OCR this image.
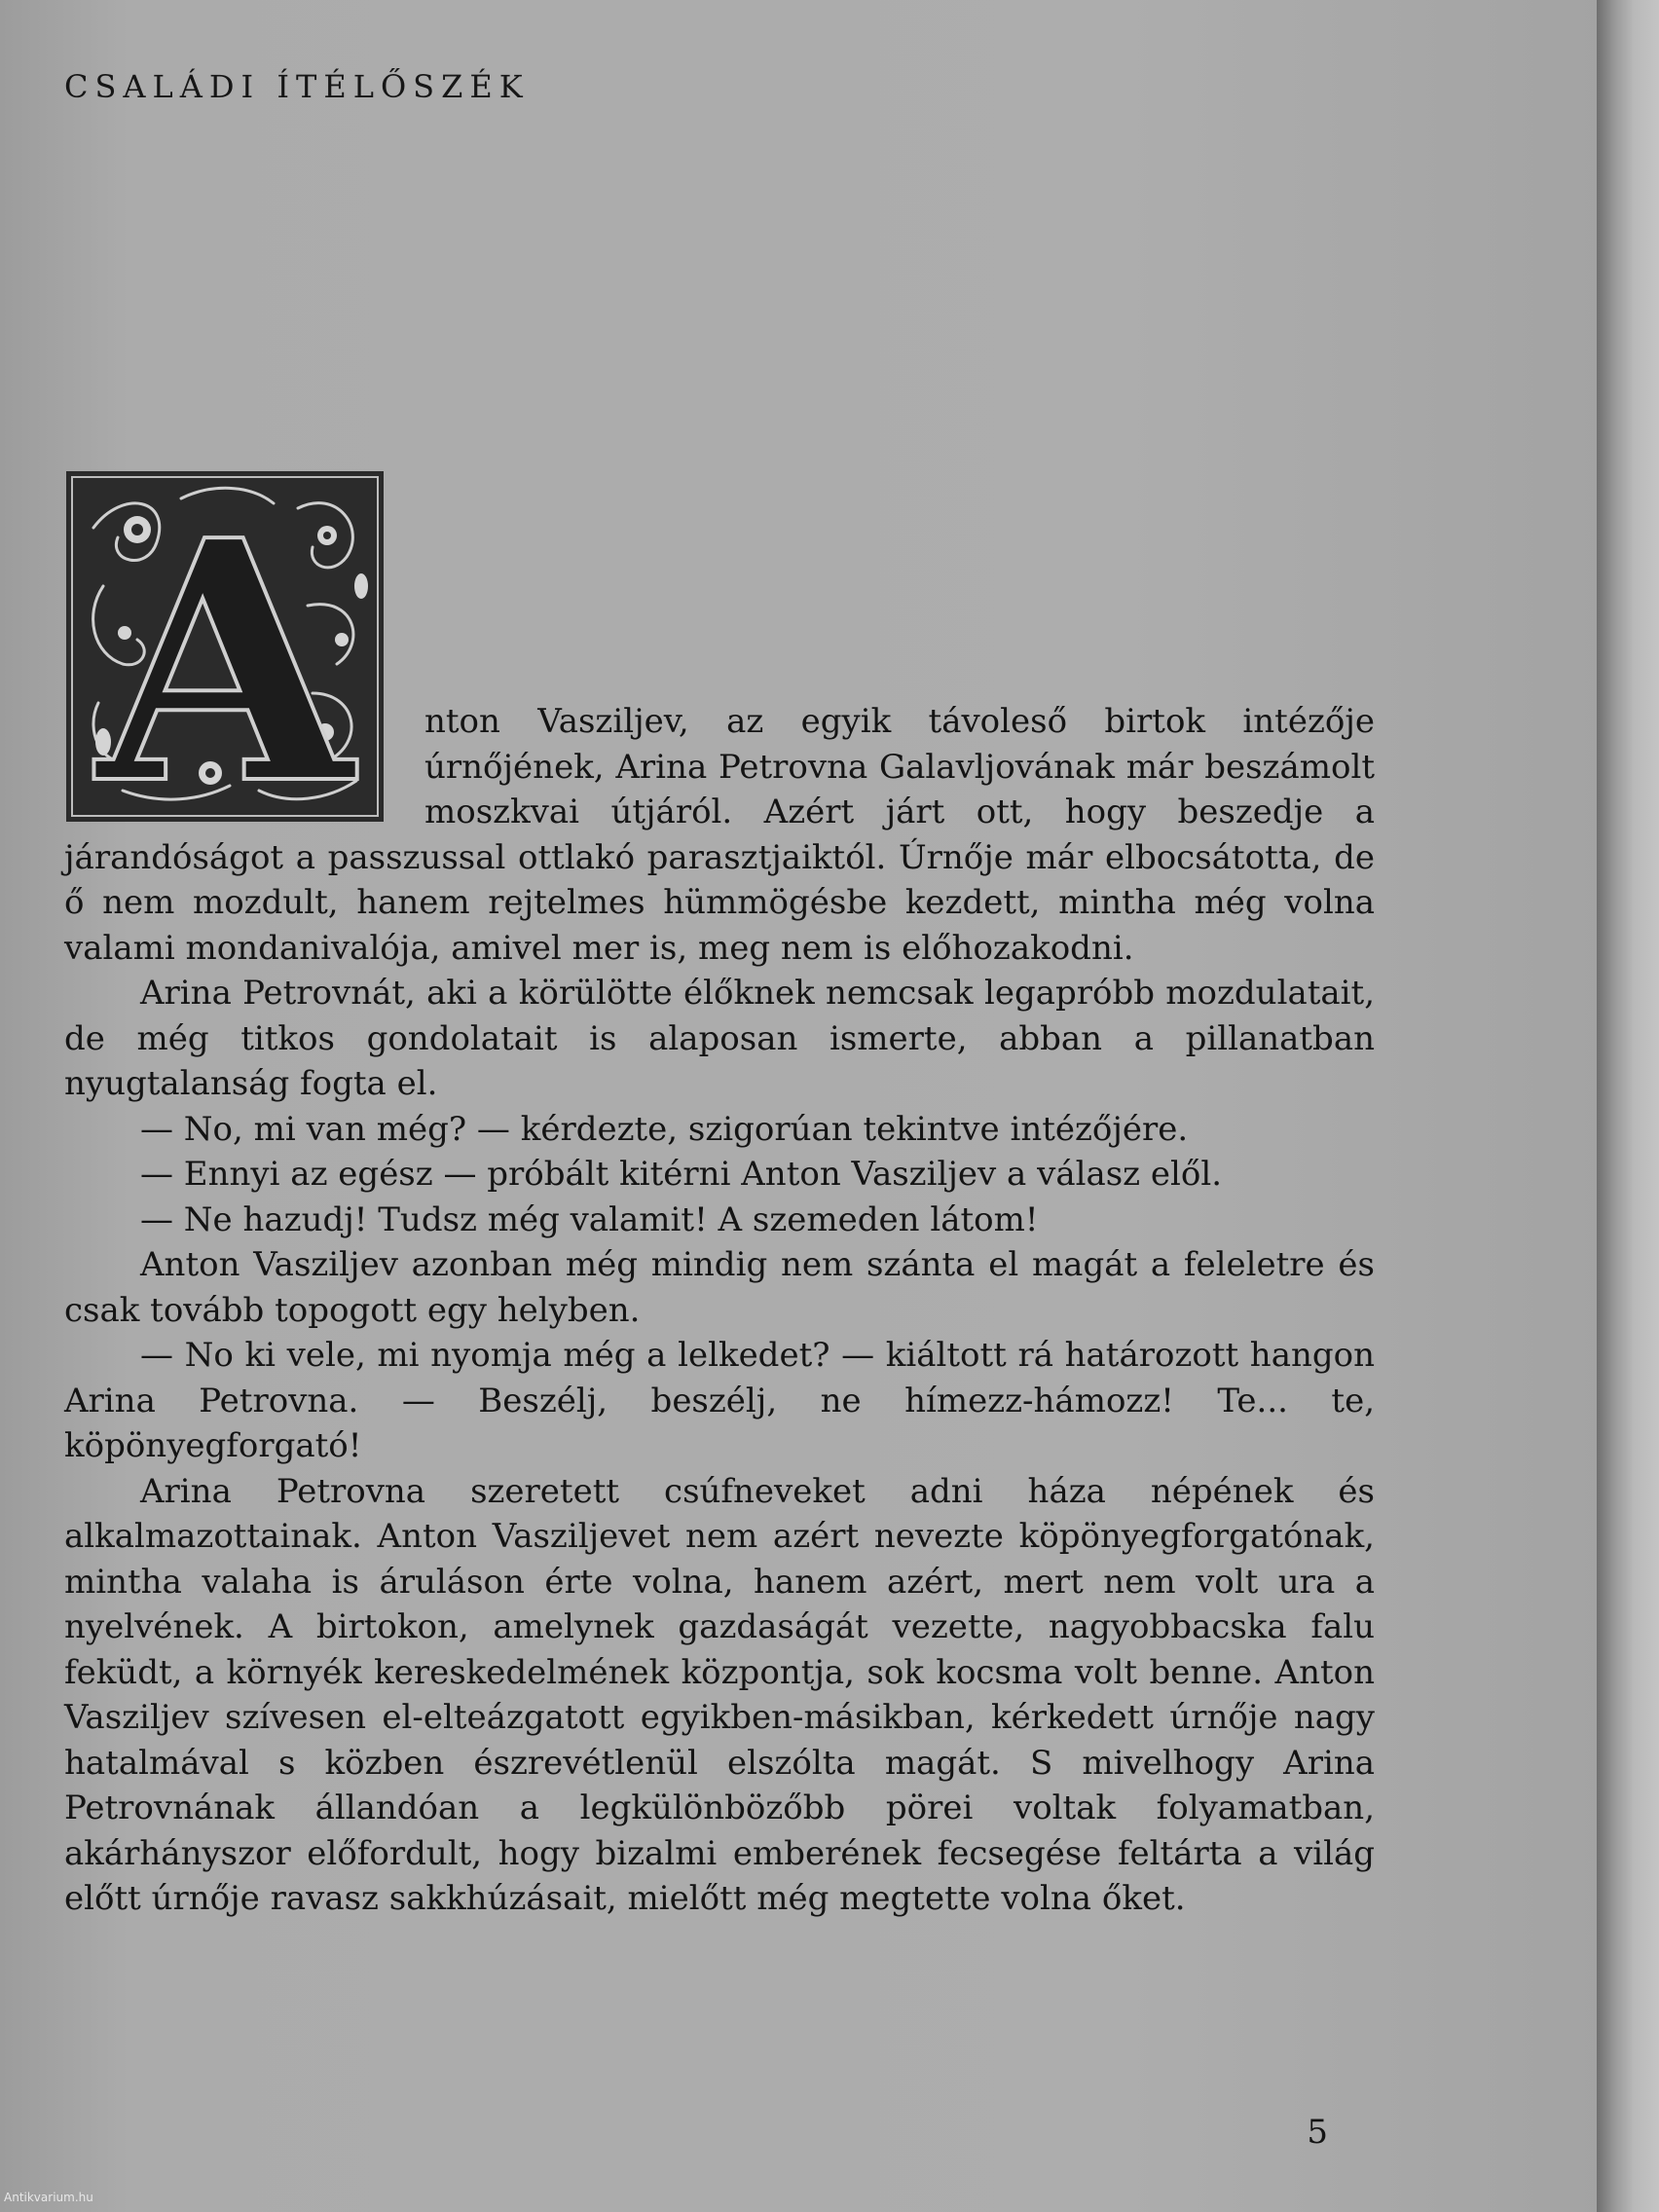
CSALÁDI ÍTÉLŐSZÉK
A	nton Vasziljev, az egyik távoleső birtok intézője úrnőjének, Arina Petrovna Galavljovának már beszámolt moszkvai útjáról. Azért járt ott, hogy beszedje a járandóságot a passzussal ottlakó parasztjaiktól. Úrnője már elbocsátotta, de ő nem mozdult, hanem rejtelmes hümmögésbe kezdett, mintha még volna valami mondanivalója, amivel mer is, meg nem is előhozakodni.

Arina Petrovnát, aki a körülötte élőknek nemcsak legapróbb mozdulatait, de még titkos gondolatait is alaposan ismerte, abban a pillanatban nyugtalanság fogta el.

— No, mi van még? — kérdezte, szigorúan tekintve intézőjére.

— Ennyi az egész — próbált kitérni Anton Vasziljev a válasz elől.

— Ne hazudj! Tudsz még valamit! A szemeden látom!

Anton Vasziljev azonban még mindig nem szánta el magát a feleletre és csak tovább topogott egy helyben.

— No ki vele, mi nyomja még a lelkedet? — kiáltott rá határozott hangon Arina Petrovna. — Beszélj, beszélj, ne hímezz-hámozz! Te... te, köpönyegforgató!

Arina Petrovna szeretett csúfneveket adni háza népének és alkalmazottainak. Anton Vasziljevet nem azért nevezte köpönyegforgatónak, mintha valaha is áruláson érte volna, hanem azért, mert nem volt ura a nyelvének. A birtokon, amelynek gazdaságát vezette, nagyobbacska falu feküdt, a környék kereskedelmének központja, sok kocsma volt benne. Anton Vasziljev szívesen el-elteázgatott egyikben-másikban, kérkedett úrnője nagy hatalmával s közben észrevétlenül elszólta magát. S mivelhogy Arina Petrovnának állandóan a legkülönbözőbb pörei voltak folyamatban, akárhányszor előfordult, hogy bizalmi emberének fecsegése feltárta a világ előtt úrnője ravasz sakkhúzásait, mielőtt még megtette volna őket.

5
Antikvarium.hu
